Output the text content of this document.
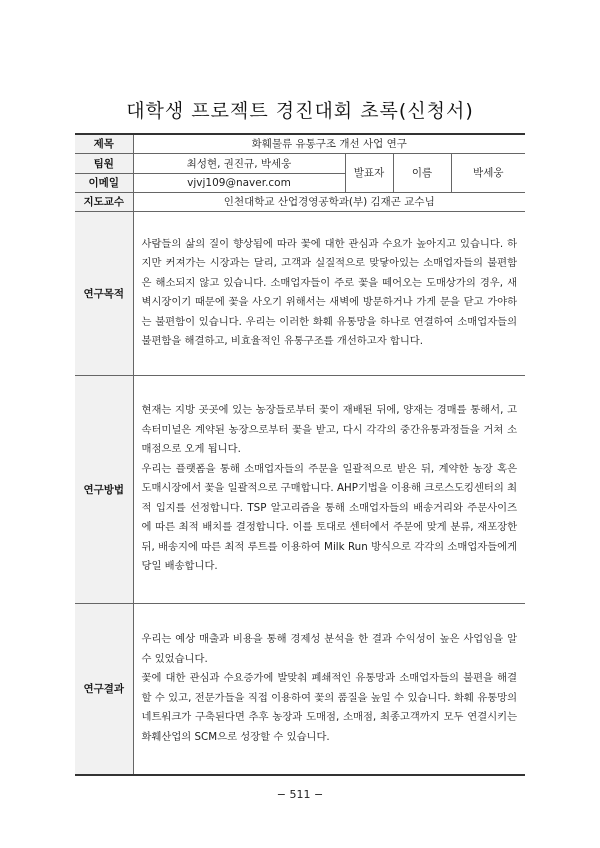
대학생 프로젝트 경진대회 초록(신청서)
제목	화훼물류 유통구조 개선 사업 연구			
팀원	최성현, 권진규, 박세웅	발표자	이름	박세웅
이메일	vjvj109@naver.com			
지도교수	인천대학교 산업경영공학과(부) 김재곤 교수님			
연구목적	사람들의 삶의 질이 향상됨에 따라 꽃에 대한 관심과 수요가 높아지고 있습니다. 하지만 커져가는 시장과는 달리, 고객과 실질적으로 맞닿아있는 소매업자들의 불편함은 해소되지 않고 있습니다. 소매업자들이 주로 꽃을 떼어오는 도매상가의 경우, 새벽시장이기 때문에 꽃을 사오기 위해서는 새벽에 방문하거나 가게 문을 닫고 가야하는 불편함이 있습니다. 우리는 이러한 화훼 유통망을 하나로 연결하여 소매업자들의 불편함을 해결하고, 비효율적인 유통구조를 개선하고자 합니다.			

연구방법	현재는 지방 곳곳에 있는 농장들로부터 꽃이 재배된 뒤에, 양재는 경매를 통해서, 고속터미널은 계약된 농장으로부터 꽃을 받고, 다시 각각의 중간유통과정들을 거쳐 소매점으로 오게 됩니다.

우리는 플랫폼을 통해 소매업자들의 주문을 일괄적으로 받은 뒤, 계약한 농장 혹은 도매시장에서 꽃을 일괄적으로 구매합니다. AHP기법을 이용해 크로스도킹센터의 최적 입지를 선정합니다. TSP 알고리즘을 통해 소매업자들의 배송거리와 주문사이즈에 따른 최적 배치를 결정합니다. 이를 토대로 센터에서 주문에 맞게 분류, 재포장한 뒤, 배송지에 따른 최적 루트를 이용하여 Milk Run 방식으로 각각의 소매업자들에게 당일 배송합니다.			

연구결과	우리는 예상 매출과 비용을 통해 경제성 분석을 한 결과 수익성이 높은 사업임을 알 수 있었습니다.

꽃에 대한 관심과 수요증가에 발맞춰 폐쇄적인 유통망과 소매업자들의 불편을 해결할 수 있고, 전문가들을 직접 이용하여 꽃의 품질을 높일 수 있습니다. 화훼 유통망의 네트워크가 구축된다면 추후 농장과 도매점, 소매점, 최종고객까지 모두 연결시키는 화훼산업의 SCM으로 성장할 수 있습니다.			

− 511 −
